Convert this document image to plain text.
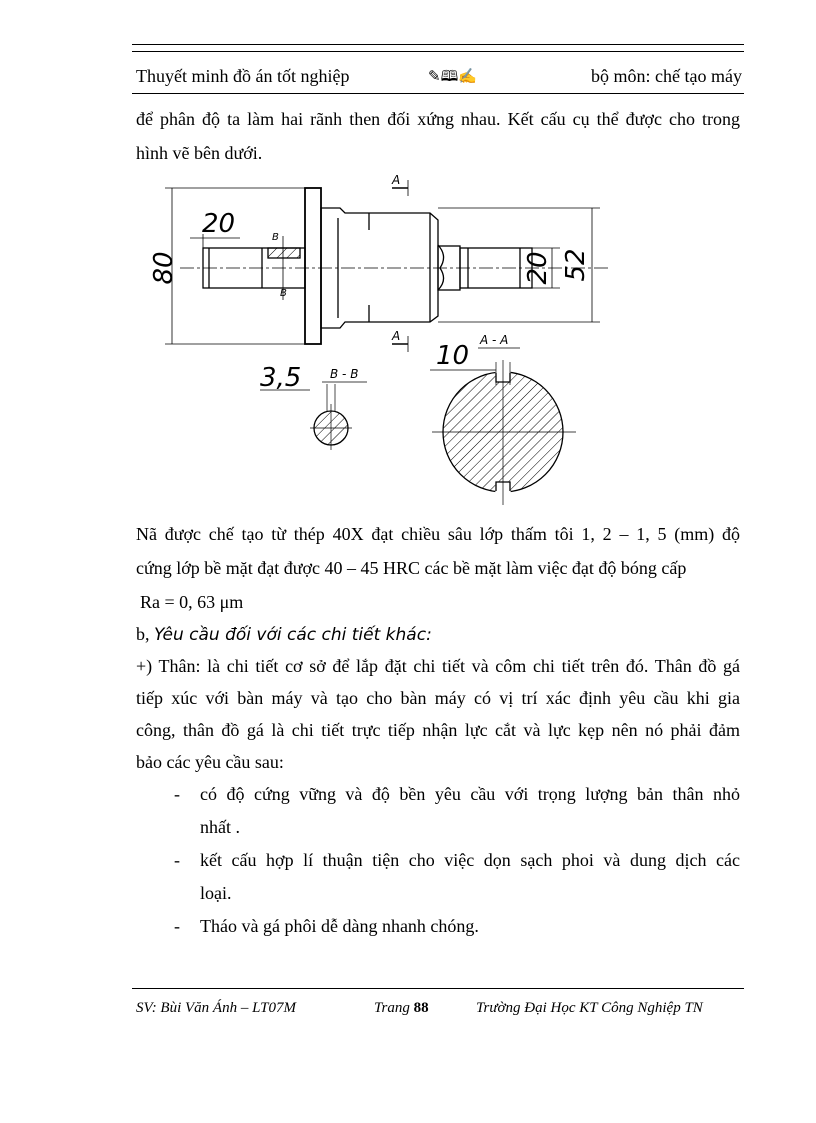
Thuyết minh đồ án tốt nghiệp	✎🕮✍	bộ môn: chế tạo máy

để phân độ ta làm hai rãnh then đối xứng nhau. Kết cấu cụ thể được cho trong

hình vẽ bên dưới.

20
80	20 52
3,5
10
A
A
B
B
B - B
A - A

Nã được chế tạo từ thép 40X đạt chiều sâu lớp thấm tôi 1, 2 – 1, 5 (mm) độ

cứng lớp bề mặt đạt được 40 – 45 HRC các bề mặt làm việc đạt độ bóng cấp

Ra = 0, 63 μm

b, Yêu cầu đối với các chi tiết khác:

+) Thân: là chi tiết cơ sở để lắp đặt chi tiết và côm chi tiết trên đó. Thân đồ gá

tiếp xúc với bàn máy và tạo cho bàn máy có vị trí xác định yêu cầu khi gia

công, thân đồ gá là chi tiết trực tiếp nhận lực cắt và lực kẹp nên nó phải đảm

bảo các yêu cầu sau:

- có độ cứng vững và độ bền yêu cầu với trọng lượng bản thân nhỏ
nhất .
- kết cấu hợp lí thuận tiện cho việc dọn sạch phoi và dung dịch các
loại.
- Tháo và gá phôi dễ dàng nhanh chóng.
SV: Bùi Văn Ánh – LT07M	Trang 88	Trường Đại Học KT Công Nghiệp TN
